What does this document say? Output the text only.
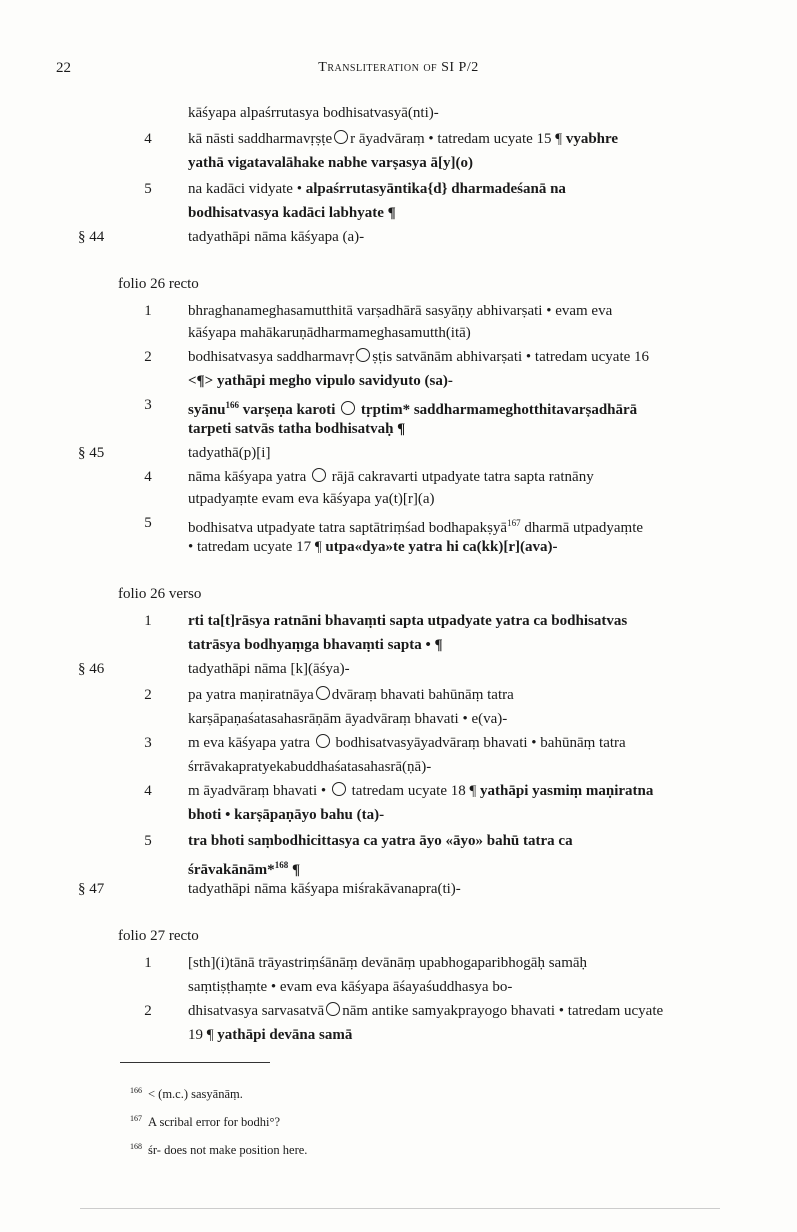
22	Transliteration of SI P/2
kāśyapa alpaśrrutasya bodhisatvasyā(nti)-
4	kā nāsti saddharmavṛṣṭe ○ r āyadvāraṃ • tatredam ucyate 15 ¶ vyabhre
yathā vigatavalāhake nabhe varṣasya ā[y](o)
5	na kadāci vidyate • alpaśrrutasyāntika{d} dharmadeśanā na
bodhisatvasya kadāci labhyate ¶
§ 44	tadyathāpi nāma kāśyapa (a)-
folio 26 recto
1	bhraghanameghasamutthitā varṣadhārā sasyāṇy abhivarṣati • evam eva
kāśyapa mahākaruṇādharmameghasamutth(itā)
2	bodhisatvasya saddharmavṛ ○ ṣṭis satvānām abhivarṣati • tatredam ucyate 16
<¶> yathāpi megho vipulo savidyuto (sa)-
3	syānu$^{166}$ varṣeṇa karoti ○ tṛptim* saddharmameghotthitavarṣadhārā
tarpeti satvās tatha bodhisatvaḥ ¶
§ 45	tadyathā(p)[i]
4	nāma kāśyapa yatra ○ rājā cakravarti utpadyate tatra sapta ratnāny
utpadyaṃte evam eva kāśyapa ya(t)[r](a)
5	bodhisatva utpadyate tatra saptātriṃśad bodhapakṣyā$^{167}$ dharmā utpadyaṃte
• tatredam ucyate 17 ¶ utpa«dya»te yatra hi ca(kk)[r](ava)-
folio 26 verso
1	rti ta[t]rāsya ratnāni bhavaṃti sapta utpadyate yatra ca bodhisatvas
tatrāsya bodhyaṃga bhavaṃti sapta • ¶
§ 46	tadyathāpi nāma [k](āśya)-
2	pa yatra maṇiratnāya ○ dvāraṃ bhavati bahūnāṃ tatra
karṣāpaṇaśatasahasrāṇām āyadvāraṃ bhavati • e(va)-
3	m eva kāśyapa yatra ○ bodhisatvasyāyadvāraṃ bhavati • bahūnāṃ tatra
śrrāvakapratyekabuddhaśatasahasrā(ṇā)-
4	m āyadvāraṃ bhavati • ○ tatredam ucyate 18 ¶ yathāpi yasmiṃ maṇiratna
bhoti • karṣāpaṇāyo bahu (ta)-
5	tra bhoti saṃbodhicittasya ca yatra āyo «āyo» bahū tatra ca
śrāvakānām*$^{168}$ ¶
§ 47	tadyathāpi nāma kāśyapa miśrakāvanapra(ti)-
folio 27 recto
1	[sth](i)tānā trāyastriṃśānāṃ devānāṃ upabhogaparibhogāḥ samāḥ
saṃtiṣṭhaṃte • evam eva kāśyapa āśayaśuddhasya bo-
2	dhisatvasya sarvasatvā ○ nām antike samyakprayogo bhavati • tatredam ucyate
19 ¶ yathāpi devāna samā
$^{166}$ < (m.c.) sasyānāṃ.
$^{167}$ A scribal error for bodhi°?
$^{168}$ śr- does not make position here.
